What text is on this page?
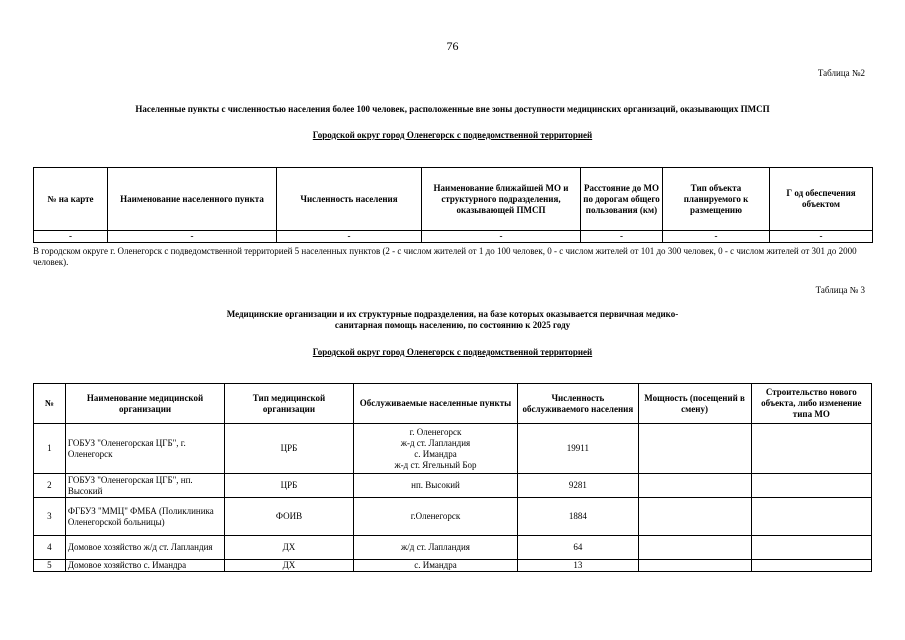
76
Таблица №2
Населенные пункты с численностью населения более 100 человек, расположенные вне зоны доступности медицинских организаций, оказывающих ПМСП
Городской округ город Оленегорск с подведомственной территорией
№ на карте	Наименование населенного пункта	Численность населения	Наименование ближайшей МО и структурного подразделения, оказывающей ПМСП	Расстояние до МО по дорогам общего пользования (км)	Тип объекта планируемого к размещению	Г од обеспечения объектом
-	-	-	-	-	-	-
В городском округе г. Оленегорск с подведомственной территорией 5 населенных пунктов (2 - с числом жителей от 1 до 100 человек, 0 - с числом жителей от 101 до 300 человек, 0 - с числом жителей от 301 до 2000 человек).
Таблица № 3
Медицинские организации и их структурные подразделения, на базе которых оказывается первичная медико-
санитарная помощь населению, по состоянию к 2025 году
Городской округ город Оленегорск с подведомственной территорией
№	Наименование медицинской организации	Тип медицинской организации	Обслуживаемые населенные пункты	Численность обслуживаемого населения	Мощность (посещений в смену)	Строительство нового объекта, либо изменение типа МО
1	ГОБУЗ "Оленегорская ЦГБ", г. Оленегорск	ЦРБ	г. Оленегорск
ж-д ст. Лапландия
с. Имандра
ж-д ст. Ягельный Бор	19911		
2	ГОБУЗ "Оленегорская ЦГБ", нп. Высокий	ЦРБ	нп. Высокий	9281		
3	ФГБУЗ "ММЦ" ФМБА (Поликлиника Оленегорской больницы)	ФОИВ	г.Оленегорск	1884		
4	Домовое хозяйство ж/д ст. Лапландия	ДХ	ж/д ст. Лапландия	64		
5	Домовое хозяйство с. Имандра	ДХ	с. Имандра	13		
